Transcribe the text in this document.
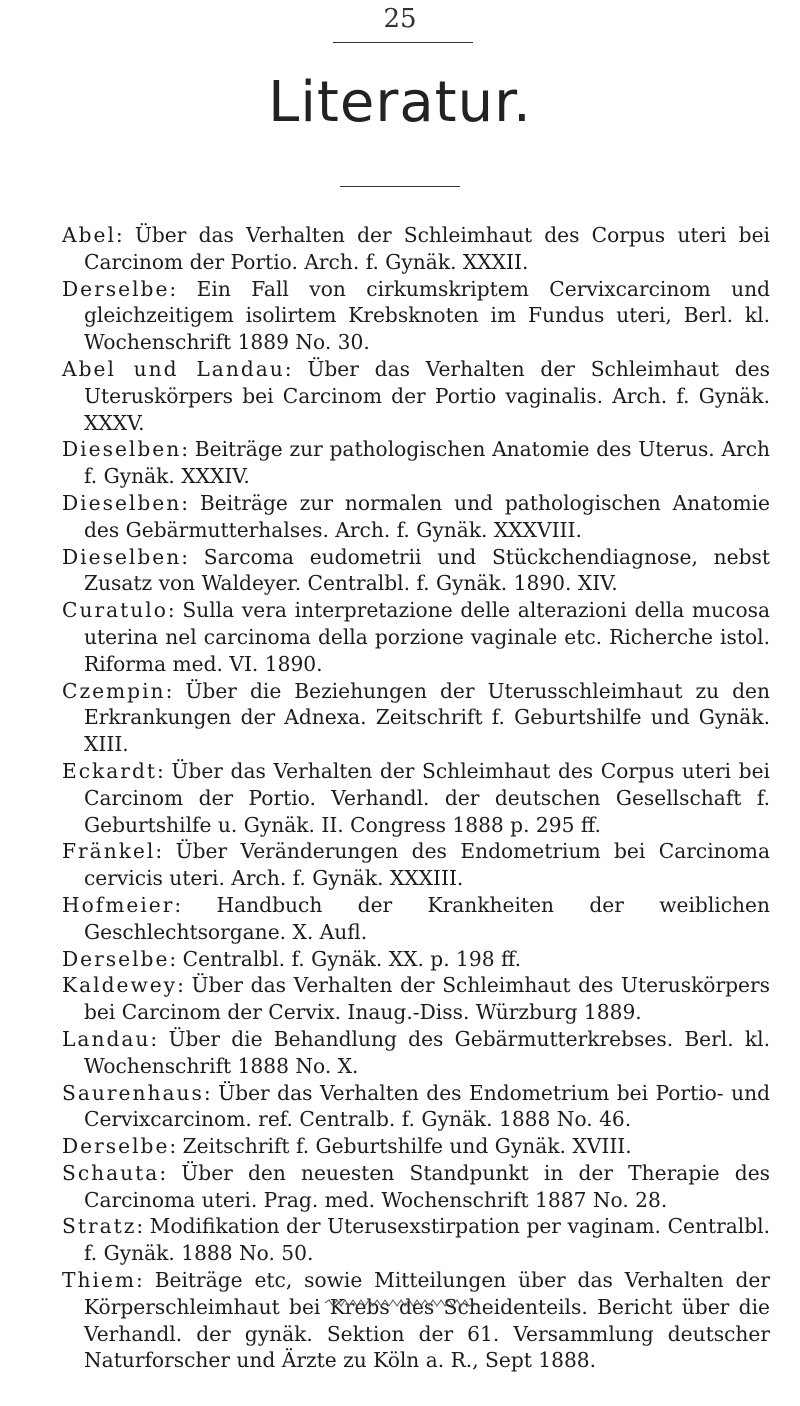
25
Literatur.
Abel: Über das Verhalten der Schleimhaut des Corpus uteri bei Carcinom der Portio. Arch. f. Gynäk. XXXII.
Derselbe: Ein Fall von cirkumskriptem Cervixcarcinom und gleichzeitigem isolirtem Krebsknoten im Fundus uteri, Berl. kl. Wochenschrift 1889 No. 30.
Abel und Landau: Über das Verhalten der Schleimhaut des Uteruskörpers bei Carcinom der Portio vaginalis. Arch. f. Gynäk. XXXV.
Dieselben: Beiträge zur pathologischen Anatomie des Uterus. Arch f. Gynäk. XXXIV.
Dieselben: Beiträge zur normalen und pathologischen Anatomie des Gebärmutterhalses. Arch. f. Gynäk. XXXVIII.
Dieselben: Sarcoma eudometrii und Stückchendiagnose, nebst Zusatz von Waldeyer. Centralbl. f. Gynäk. 1890. XIV.
Curatulo: Sulla vera interpretazione delle alterazioni della mucosa uterina nel carcinoma della porzione vaginale etc. Richerche istol. Riforma med. VI. 1890.
Czempin: Über die Beziehungen der Uterusschleimhaut zu den Erkrankungen der Adnexa. Zeitschrift f. Geburtshilfe und Gynäk. XIII.
Eckardt: Über das Verhalten der Schleimhaut des Corpus uteri bei Carcinom der Portio. Verhandl. der deutschen Gesellschaft f. Geburtshilfe u. Gynäk. II. Congress 1888 p. 295 ff.
Fränkel: Über Veränderungen des Endometrium bei Carcinoma cervicis uteri. Arch. f. Gynäk. XXXIII.
Hofmeier: Handbuch der Krankheiten der weiblichen Geschlechtsorgane. X. Aufl.
Derselbe: Centralbl. f. Gynäk. XX. p. 198 ff.
Kaldewey: Über das Verhalten der Schleimhaut des Uteruskörpers bei Carcinom der Cervix. Inaug.-Diss. Würzburg 1889.
Landau: Über die Behandlung des Gebärmutterkrebses. Berl. kl. Wochenschrift 1888 No. X.
Saurenhaus: Über das Verhalten des Endometrium bei Portio- und Cervixcarcinom. ref. Centralb. f. Gynäk. 1888 No. 46.
Derselbe: Zeitschrift f. Geburtshilfe und Gynäk. XVIII.
Schauta: Über den neuesten Standpunkt in der Therapie des Carcinoma uteri. Prag. med. Wochenschrift 1887 No. 28.
Stratz: Modifikation der Uterusexstirpation per vaginam. Centralbl. f. Gynäk. 1888 No. 50.
Thiem: Beiträge etc, sowie Mitteilungen über das Verhalten der Körperschleimhaut bei Krebs des Scheidenteils. Bericht über die Verhandl. der gynäk. Sektion der 61. Versammlung deutscher Naturforscher und Ärzte zu Köln a. R., Sept 1888.
